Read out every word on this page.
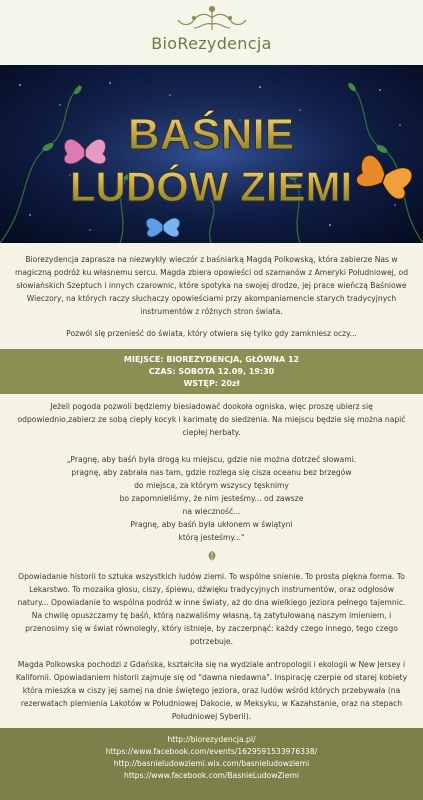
BioRezydencja
BAŚNIE
LUDÓW ZIEMI

Biorezydencja zaprasza na niezwykły wieczór z baśniarką Magdą Polkowską, która zabierze Nas w magiczną podróż ku własnemu sercu. Magda zbiera opowieści od szamanów z Ameryki Południowej, od słowiańskich Szeptuch i innych czarownic, które spotyka na swojej drodze, jej prace wieńczą Baśniowe Wieczory, na których raczy słuchaczy opowieściami przy akompaniamencie starych tradycyjnych instrumentów z różnych stron świata.

Pozwól się przenieść do świata, który otwiera się tylko gdy zamkniesz oczy...

MIEJSCE: BIOREZYDENCJA, GŁÓWNA 12
CZAS: SOBOTA 12.09, 19:30
WSTĘP: 20zł

Jeżeli pogoda pozwoli będziemy biesiadować dookoła ogniska, więc proszę ubierz się odpowiednio,zabierz ze sobą ciepły kocyk i karimatę do siedzenia. Na miejscu będzie się można napić ciepłej herbaty.

„Pragnę, aby baśń była drogą ku miejscu, gdzie nie można dotrzeć słowami.
pragnę, aby zabrała nas tam, gdzie rozlega się cisza oceanu bez brzegów
do miejsca, za którym wszyscy tęsknimy
bo zapomnieliśmy, że nim jesteśmy... od zawsze
na wieczność...
Pragnę, aby baśń była ukłonem w świątyni
którą jesteśmy..."

Opowiadanie historii to sztuka wszystkich ludów ziemi. To wspólne snienie. To prosta piękna forma. To Lekarstwo. To mozaika głosu, ciszy, śpiewu, dźwięku tradycyjnych instrumentów, oraz odgłosów natury... Opowiadanie to wspólna podróż w inne światy, aż do dna wielkiego jeziora pełnego tajemnic. Na chwilę opuszczamy tę baśń, którą nazwaliśmy własną, tą zatytułowaną naszym imieniem, i przenosimy się w świat równoległy, który istnieje, by zaczerpnąć: każdy czego innego, tego czego potrzebuje.

Magda Polkowska pochodzi z Gdańska, kształciła się na wydziale antropologii i ekologii w New Jersey i Kalifornii. Opowiadaniem historii zajmuje się od "dawna niedawna". Inspirację czerpie od starej kobiety która mieszka w ciszy jej samej na dnie świętego jeziora, oraz ludów wśród których przebywała (na rezerwatach plemienia Lakotów w Południowej Dakocie, w Meksyku, w Kazahstanie, oraz na stepach Południowej Syberii).

http://biorezydencja.pl/
https://www.facebook.com/events/1629591533976338/
http://basnieludowziemi.wix.com/basnieludowziemi
https://www.facebook.com/BasnieLudowZiemi
